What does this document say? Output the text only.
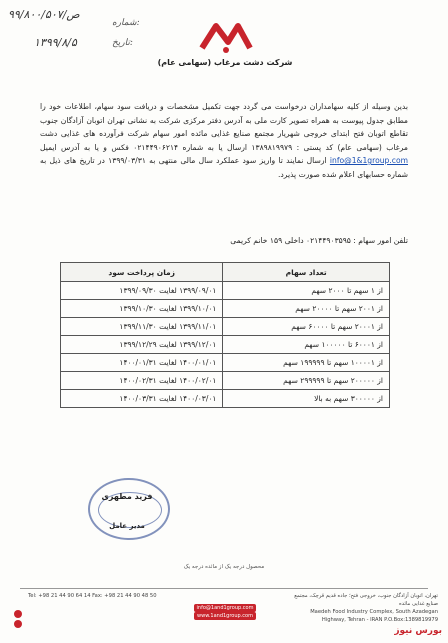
۹۹/ص/۸۰۰/۵۰۷
۱۳۹۹/۸/۵
شماره:
تاریخ:
شرکت دشت مرغاب (سهامی عام)

بدین وسیله از کلیه سهامداران درخواست می گردد جهت تکمیل مشخصات و دریافت سود سهام، اطلاعات خود را مطابق جدول پیوست به همراه تصویر کارت ملی به آدرس دفتر مرکزی شرکت به نشانی تهران اتوبان آزادگان جنوب تقاطع اتوبان فتح ابتدای خروجی شهریار مجتمع صنایع غذایی مائده امور سهام شرکت فرآورده های غذایی دشت مرغاب (سهامی عام) کد پستی : ۱۳۸۹۸۱۹۹۷۹ ارسال یا به شماره ۰۲۱۴۴۹۰۶۲۱۴ فکس و یا به آدرس ایمیل info@1&1group.com ارسال نمایند تا واریز سود عملکرد سال مالی منتهی به ۱۳۹۹/۰۳/۳۱ در تاریخ های ذیل به شماره حسابهای اعلام شده صورت پذیرد.

تلفن امور سهام : ۰۲۱۴۴۹۰۳۵۹۵ داخلی ۱۵۹ خانم کریمی
تعداد سهام	زمان پرداخت سود
از ۱ سهم تا ۲۰۰۰ سهم	۱۳۹۹/۰۹/۰۱ لغایت ۱۳۹۹/۰۹/۳۰
از ۲۰۰۱ سهم تا ۲۰۰۰۰ سهم	۱۳۹۹/۱۰/۰۱ لغایت ۱۳۹۹/۱۰/۳۰
از ۲۰۰۰۱ سهم تا ۶۰۰۰۰ سهم	۱۳۹۹/۱۱/۰۱ لغایت ۱۳۹۹/۱۱/۳۰
از ۶۰۰۰۱ تا ۱۰۰۰۰۰ سهم	۱۳۹۹/۱۲/۰۱ لغایت ۱۳۹۹/۱۲/۲۹
از ۱۰۰۰۰۱ سهم تا ۱۹۹۹۹۹ سهم	۱۴۰۰/۰۱/۰۱ لغایت ۱۴۰۰/۰۱/۳۱
از ۲۰۰۰۰۰ سهم تا ۲۹۹۹۹۹ سهم	۱۴۰۰/۰۲/۰۱ لغایت ۱۴۰۰/۰۲/۳۱
از ۳۰۰۰۰۰ سهم به بالا	۱۴۰۰/۰۳/۰۱ لغایت ۱۴۰۰/۰۳/۳۱
فرید مطهری
مدیر عامل
محصول درجه یک از مائده درجه یک
تهران، اتوبان آزادگان جنوب، خروجی فتح؛ جاده قدیم قرچک، مجتمع صنایع غذایی مائده
Maedeh Food Industry Complex, South Azadegan Highway, Tehran - IRAN P.O.Box:1389819979
info@1and1group.com www.1and1group.com
Tel: +98 21 44 90 64 14 Fax: +98 21 44 90 48 50
بورس نیوز
